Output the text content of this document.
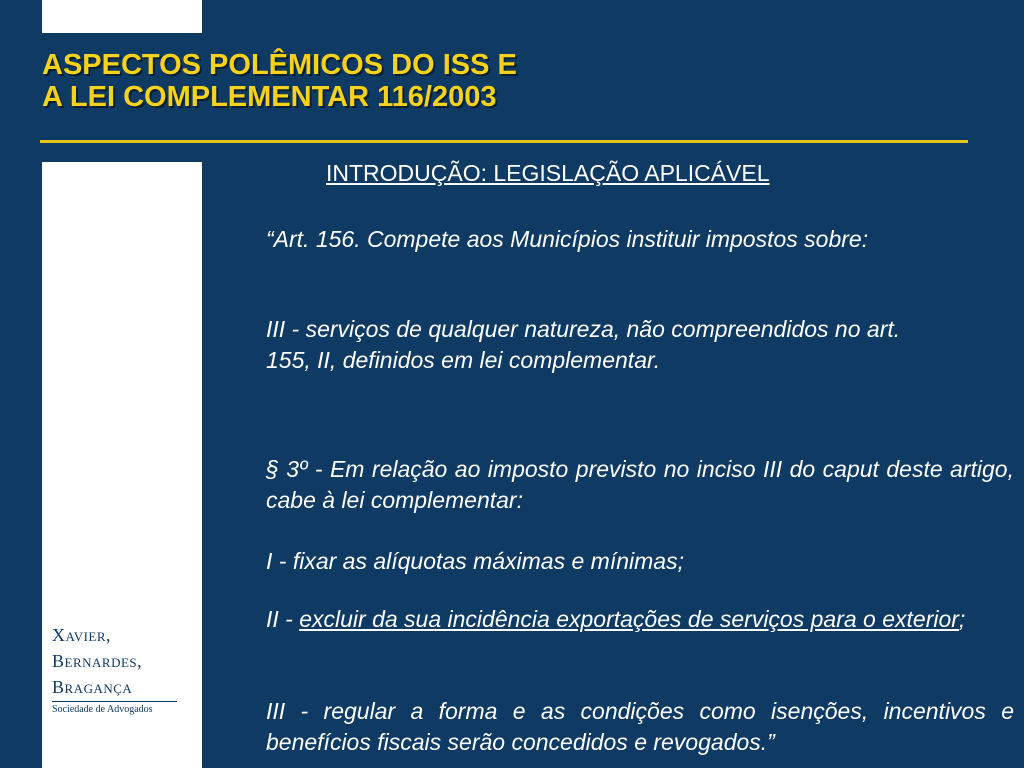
ASPECTOS POLÊMICOS DO ISS E
A LEI COMPLEMENTAR 116/2003
INTRODUÇÃO: LEGISLAÇÃO APLICÁVEL
“Art. 156. Compete aos Municípios instituir impostos sobre:
III - serviços de qualquer natureza, não compreendidos no art. 155, II, definidos em lei complementar.
§ 3º - Em relação ao imposto previsto no inciso III do caput deste artigo, cabe à lei complementar:
I - fixar as alíquotas máximas e mínimas;
II - excluir da sua incidência exportações de serviços para o exterior;
III - regular a forma e as condições como isenções, incentivos e benefícios fiscais serão concedidos e revogados.”
Xavier,
Bernardes,
Bragança
Sociedade de Advogados
